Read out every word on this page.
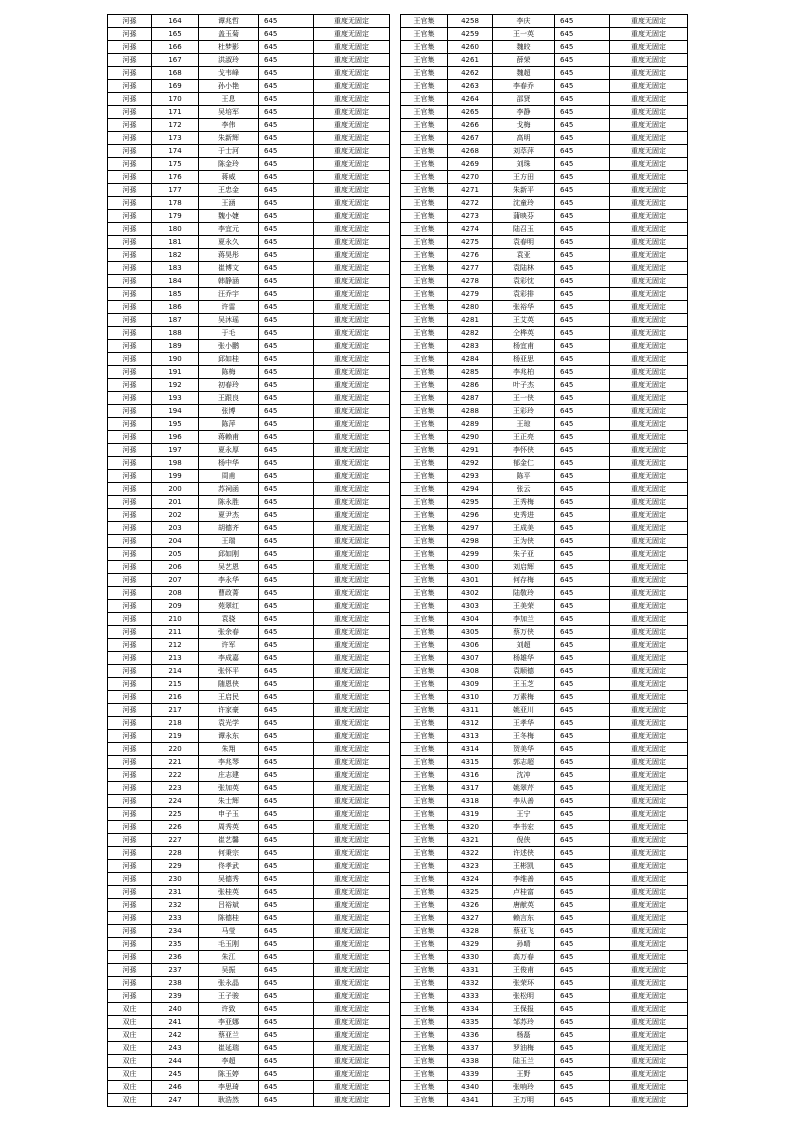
河孫	164	谭兆哲	645	重度无固定
河孫	165	盖玉菊	645	重度无固定
河孫	166	杜梦影	645	重度无固定
河孫	167	洪淑玲	645	重度无固定
河孫	168	戈韦峰	645	重度无固定
河孫	169	孙小艳	645	重度无固定
河孫	170	王息	645	重度无固定
河孫	171	吴培军	645	重度无固定
河孫	172	李伟	645	重度无固定
河孫	173	朱新辉	645	重度无固定
河孫	174	于士河	645	重度无固定
河孫	175	陈金玲	645	重度无固定
河孫	176	蒋威	645	重度无固定
河孫	177	王忠金	645	重度无固定
河孫	178	王涵	645	重度无固定
河孫	179	魏小婕	645	重度无固定
河孫	180	李宜元	645	重度无固定
河孫	181	夏永久	645	重度无固定
河孫	182	蒋昊彤	645	重度无固定
河孫	183	崔博文	645	重度无固定
河孫	184	韩静涵	645	重度无固定
河孫	185	汪乔宇	645	重度无固定
河孫	186	许雷	645	重度无固定
河孫	187	吴沐瑶	645	重度无固定
河孫	188	于毛	645	重度无固定
河孫	189	张小鹏	645	重度无固定
河孫	190	邱如桂	645	重度无固定
河孫	191	陈梅	645	重度无固定
河孫	192	初春玲	645	重度无固定
河孫	193	王跟良	645	重度无固定
河孫	194	张博	645	重度无固定
河孫	195	陈萍	645	重度无固定
河孫	196	蒋赖甫	645	重度无固定
河孫	197	夏永厚	645	重度无固定
河孫	198	杨中华	645	重度无固定
河孫	199	周甫	645	重度无固定
河孫	200	苏祠函	645	重度无固定
河孫	201	陈永胜	645	重度无固定
河孫	202	夏尹杰	645	重度无固定
河孫	203	胡德齐	645	重度无固定
河孫	204	王瑞	645	重度无固定
河孫	205	邱如刚	645	重度无固定
河孫	206	吴艺恩	645	重度无固定
河孫	207	李永华	645	重度无固定
河孫	208	曹政菁	645	重度无固定
河孫	209	苑翠红	645	重度无固定
河孫	210	袁骁	645	重度无固定
河孫	211	张余春	645	重度无固定
河孫	212	许军	645	重度无固定
河孫	213	李成嘉	645	重度无固定
河孫	214	张怀平	645	重度无固定
河孫	215	随恩侠	645	重度无固定
河孫	216	王启民	645	重度无固定
河孫	217	许家豪	645	重度无固定
河孫	218	袁光学	645	重度无固定
河孫	219	谭永东	645	重度无固定
河孫	220	朱翔	645	重度无固定
河孫	221	李兆琴	645	重度无固定
河孫	222	庄志建	645	重度无固定
河孫	223	张加英	645	重度无固定
河孫	224	朱士辉	645	重度无固定
河孫	225	申子玉	645	重度无固定
河孫	226	周秀英	645	重度无固定
河孫	227	崔艺馨	645	重度无固定
河孫	228	何秉宗	645	重度无固定
河孫	229	佟孝武	645	重度无固定
河孫	230	吴德秀	645	重度无固定
河孫	231	张桂英	645	重度无固定
河孫	232	吕裕斌	645	重度无固定
河孫	233	陈德桂	645	重度无固定
河孫	234	马莹	645	重度无固定
河孫	235	毛玉刚	645	重度无固定
河孫	236	朱江	645	重度无固定
河孫	237	吴振	645	重度无固定
河孫	238	张永晶	645	重度无固定
河孫	239	王子骏	645	重度无固定
双庄	240	许致	645	重度无固定
双庄	241	李亚娜	645	重度无固定
双庄	242	蔡亚兰	645	重度无固定
双庄	243	崔延瑞	645	重度无固定
双庄	244	李超	645	重度无固定
双庄	245	陈玉婷	645	重度无固定
双庄	246	李思琦	645	重度无固定
双庄	247	耿浩然	645	重度无固定
王官集	4258	李庆	645	重度无固定
王官集	4259	王一英	645	重度无固定
王官集	4260	魏皎	645	重度无固定
王官集	4261	薛荣	645	重度无固定
王官集	4262	魏超	645	重度无固定
王官集	4263	李春乔	645	重度无固定
王官集	4264	邵贤	645	重度无固定
王官集	4265	李静	645	重度无固定
王官集	4266	戈梅	645	重度无固定
王官集	4267	高明	645	重度无固定
王官集	4268	刘萃萍	645	重度无固定
王官集	4269	刘珠	645	重度无固定
王官集	4270	王方田	645	重度无固定
王官集	4271	朱新平	645	重度无固定
王官集	4272	沈童玲	645	重度无固定
王官集	4273	蒲映芬	645	重度无固定
王官集	4274	陆召玉	645	重度无固定
王官集	4275	袁春明	645	重度无固定
王官集	4276	袁亚	645	重度无固定
王官集	4277	袁陆林	645	重度无固定
王官集	4278	袁彩忱	645	重度无固定
王官集	4279	袁彩排	645	重度无固定
王官集	4280	张裕华	645	重度无固定
王官集	4281	王艾英	645	重度无固定
王官集	4282	仝桦英	645	重度无固定
王官集	4283	杨宜甫	645	重度无固定
王官集	4284	杨亚思	645	重度无固定
王官集	4285	李兆柏	645	重度无固定
王官集	4286	叶子杰	645	重度无固定
王官集	4287	王一侠	645	重度无固定
王官集	4288	王彩玲	645	重度无固定
王官集	4289	王琼	645	重度无固定
王官集	4290	王正亮	645	重度无固定
王官集	4291	李怀侠	645	重度无固定
王官集	4292	郁金仁	645	重度无固定
王官集	4293	陈平	645	重度无固定
王官集	4294	张云	645	重度无固定
王官集	4295	王秀梅	645	重度无固定
王官集	4296	史秀进	645	重度无固定
王官集	4297	王成美	645	重度无固定
王官集	4298	王为侠	645	重度无固定
王官集	4299	朱子亚	645	重度无固定
王官集	4300	刘启辉	645	重度无固定
王官集	4301	何存梅	645	重度无固定
王官集	4302	陆敬玲	645	重度无固定
王官集	4303	王美荣	645	重度无固定
王官集	4304	李加兰	645	重度无固定
王官集	4305	蔡万侠	645	重度无固定
王官集	4306	刘超	645	重度无固定
王官集	4307	杨雄华	645	重度无固定
王官集	4308	袁顺德	645	重度无固定
王官集	4309	王玉芝	645	重度无固定
王官集	4310	万素梅	645	重度无固定
王官集	4311	姚亚川	645	重度无固定
王官集	4312	王孝华	645	重度无固定
王官集	4313	王冬梅	645	重度无固定
王官集	4314	贺美华	645	重度无固定
王官集	4315	郭志超	645	重度无固定
王官集	4316	沈冲	645	重度无固定
王官集	4317	姚翠芹	645	重度无固定
王官集	4318	李从善	645	重度无固定
王官集	4319	王宁	645	重度无固定
王官集	4320	李书宏	645	重度无固定
王官集	4321	倪侠	645	重度无固定
王官集	4322	许述侠	645	重度无固定
王官集	4323	王彬凯	645	重度无固定
王官集	4324	李维善	645	重度无固定
王官集	4325	卢桂富	645	重度无固定
王官集	4326	唐献英	645	重度无固定
王官集	4327	赖言东	645	重度无固定
王官集	4328	蔡亚飞	645	重度无固定
王官集	4329	孙晴	645	重度无固定
王官集	4330	高万春	645	重度无固定
王官集	4331	王俊甫	645	重度无固定
王官集	4332	张荣环	645	重度无固定
王官集	4333	张松明	645	重度无固定
王官集	4334	王保报	645	重度无固定
王官集	4335	邹苏玲	645	重度无固定
王官集	4336	杨磊	645	重度无固定
王官集	4337	罗油梅	645	重度无固定
王官集	4338	陆玉兰	645	重度无固定
王官集	4339	王野	645	重度无固定
王官集	4340	张响玲	645	重度无固定
王官集	4341	王万明	645	重度无固定
